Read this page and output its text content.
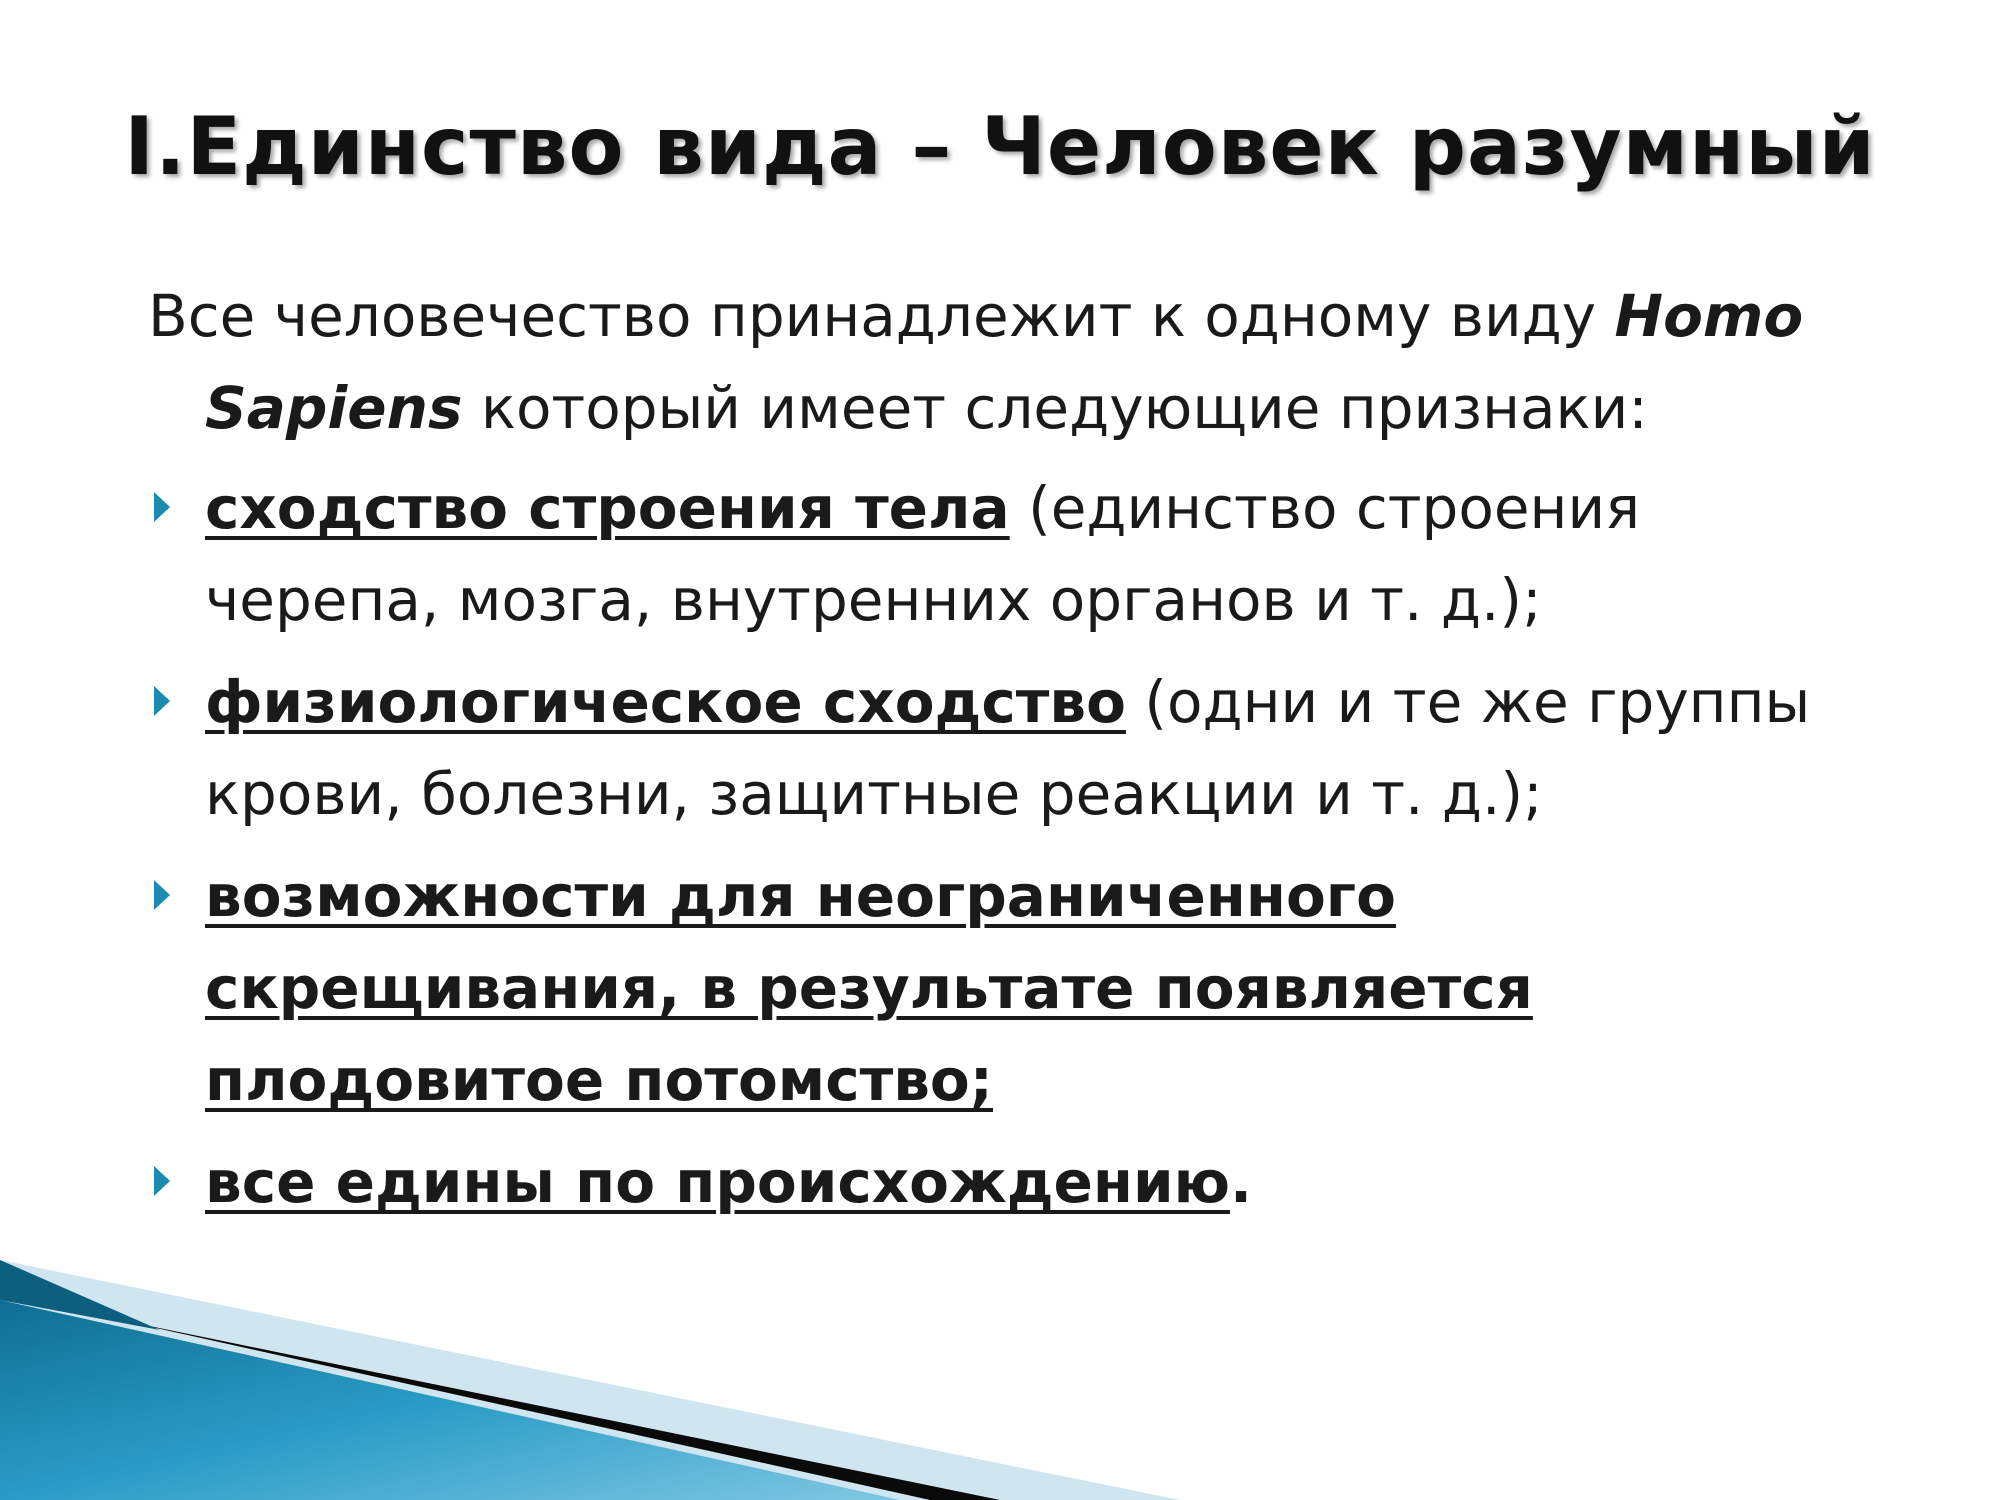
I.Единство вида – Человек разумный

Все человечество принадлежит к одному виду Homo Sapiens который имеет следующие признаки:

сходство строения тела (единство строения черепа, мозга, внутренних органов и т. д.);
физиологическое сходство (одни и те же группы крови, болезни, защитные реакции и т. д.);
возможности для неограниченного скрещивания, в результате появляется плодовитое потомство;
все едины по происхождению.
